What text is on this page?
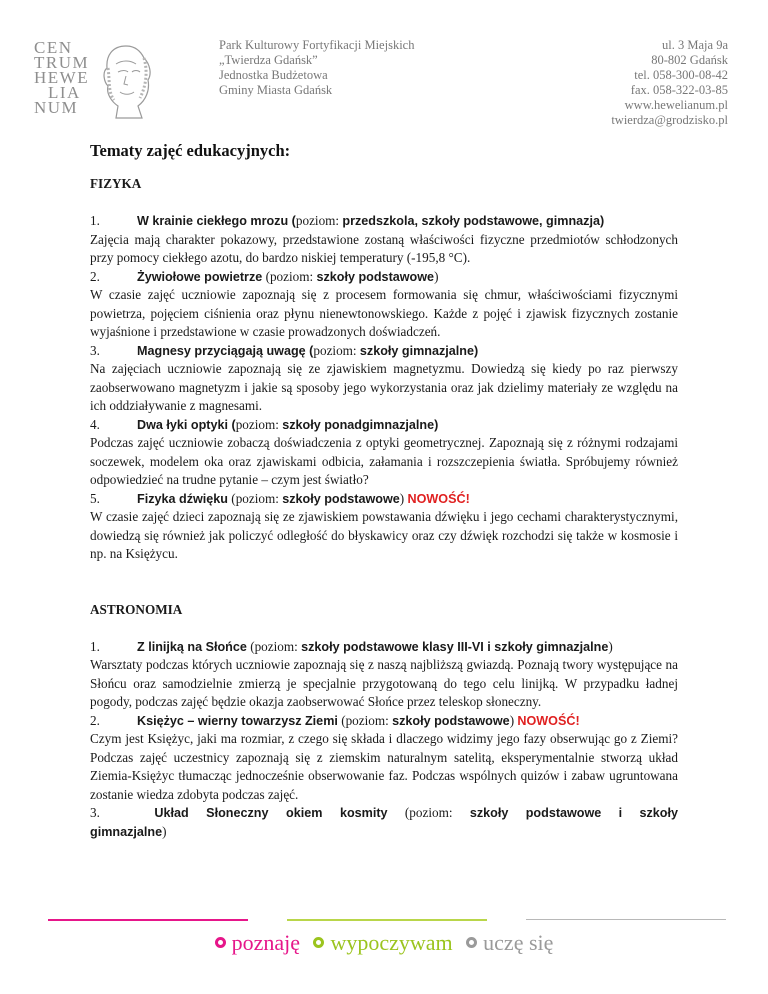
CEN
TRUM
HEWE
LIA
NUM
Park Kulturowy Fortyfikacji Miejskich
„Twierdza Gdańsk”
Jednostka Budżetowa
Gminy Miasta Gdańsk
ul. 3 Maja 9a
80-802 Gdańsk
tel. 058-300-08-42
fax. 058-322-03-85
www.hewelianum.pl
twierdza@grodzisko.pl
Tematy zajęć edukacyjnych:
FIZYKA
1.	W krainie ciekłego mrozu (poziom: przedszkola, szkoły podstawowe, gimnazja)
Zajęcia mają charakter pokazowy, przedstawione zostaną właściwości fizyczne przedmiotów schłodzonych przy pomocy ciekłego azotu, do bardzo niskiej temperatury (-195,8 °C).
2.	Żywiołowe powietrze (poziom: szkoły podstawowe)
W czasie zajęć uczniowie zapoznają się z procesem formowania się chmur, właściwościami fizycznymi powietrza, pojęciem ciśnienia oraz płynu nienewtonowskiego. Każde z pojęć i zjawisk fizycznych zostanie wyjaśnione i przedstawione w czasie prowadzonych doświadczeń.
3.	Magnesy przyciągają uwagę (poziom: szkoły gimnazjalne)
Na zajęciach uczniowie zapoznają się ze zjawiskiem magnetyzmu. Dowiedzą się kiedy po raz pierwszy zaobserwowano magnetyzm i jakie są sposoby jego wykorzystania oraz jak dzielimy materiały ze względu na ich oddziaływanie z magnesami.
4.	Dwa łyki optyki (poziom: szkoły ponadgimnazjalne)
Podczas zajęć uczniowie zobaczą doświadczenia z optyki geometrycznej. Zapoznają się z różnymi rodzajami soczewek, modelem oka oraz zjawiskami odbicia, załamania i rozszczepienia światła. Spróbujemy również odpowiedzieć na trudne pytanie – czym jest światło?
5.	Fizyka dźwięku (poziom: szkoły podstawowe) NOWOŚĆ!
W czasie zajęć dzieci zapoznają się ze zjawiskiem powstawania dźwięku i jego cechami charakterystycznymi, dowiedzą się również jak policzyć odległość do błyskawicy oraz czy dźwięk rozchodzi się także w kosmosie i np. na Księżycu.
ASTRONOMIA
1.	Z linijką na Słońce (poziom: szkoły podstawowe klasy III-VI i szkoły gimnazjalne)
Warsztaty podczas których uczniowie zapoznają się z naszą najbliższą gwiazdą. Poznają twory występujące na Słońcu oraz samodzielnie zmierzą je specjalnie przygotowaną do tego celu linijką. W przypadku ładnej pogody, podczas zajęć będzie okazja zaobserwować Słońce przez teleskop słoneczny.
2.	Księżyc – wierny towarzysz Ziemi (poziom: szkoły podstawowe) NOWOŚĆ!
Czym jest Księżyc, jaki ma rozmiar, z czego się składa i dlaczego widzimy jego fazy obserwując go z Ziemi? Podczas zajęć uczestnicy zapoznają się z ziemskim naturalnym satelitą, eksperymentalnie stworzą układ Ziemia-Księżyc tłumacząc jednocześnie obserwowanie faz. Podczas wspólnych quizów i zabaw ugruntowana zostanie wiedza zdobyta podczas zajęć.
3.	Układ Słoneczny okiem kosmity (poziom: szkoły podstawowe i szkoły
gimnazjalne)
poznaję
wypoczywam
uczę się
